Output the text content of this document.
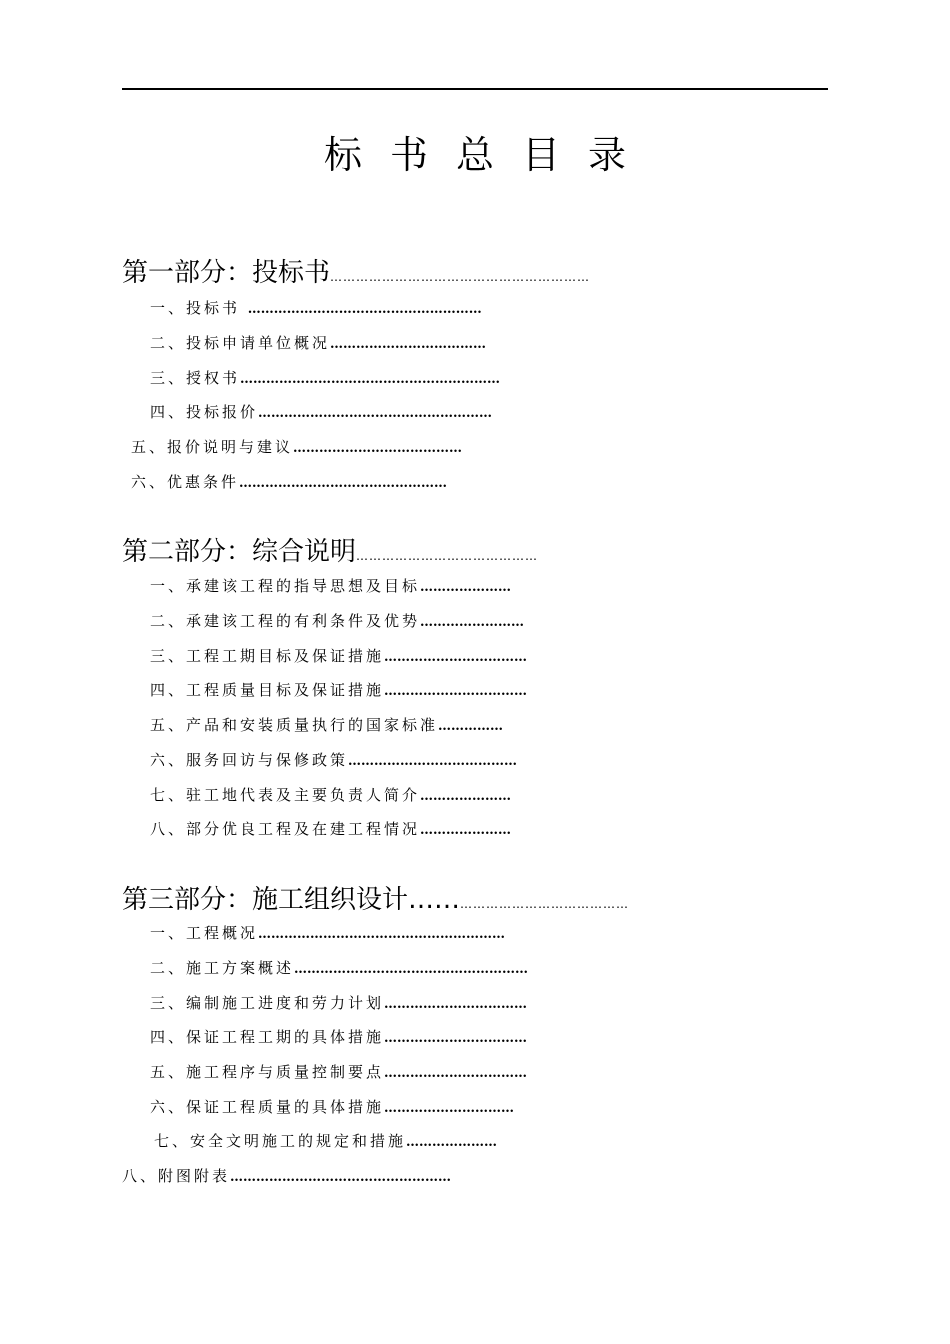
标书总目录
第一部分：投标书……………………………………………………
一、投标书 ………………………………………………
二、投标申请单位概况………………………………
三、授权书……………………………………………………
四、投标报价………………………………………………
五、报价说明与建议…………………………………
六、优惠条件…………………………………………
第二部分：综合说明……………………………………
一、承建该工程的指导思想及目标…………………
二、承建该工程的有利条件及优势……………………
三、工程工期目标及保证措施……………………………
四、工程质量目标及保证措施……………………………
五、产品和安装质量执行的国家标准……………
六、服务回访与保修政策…………………………………
七、驻工地代表及主要负责人简介…………………
八、部分优良工程及在建工程情况…………………
第三部分：施工组织设计………………………………………
一、工程概况…………………………………………………
二、施工方案概述………………………………………………
三、编制施工进度和劳力计划……………………………
四、保证工程工期的具体措施……………………………
五、施工程序与质量控制要点……………………………
六、保证工程质量的具体措施…………………………
七、安全文明施工的规定和措施…………………
八、附图附表……………………………………………
